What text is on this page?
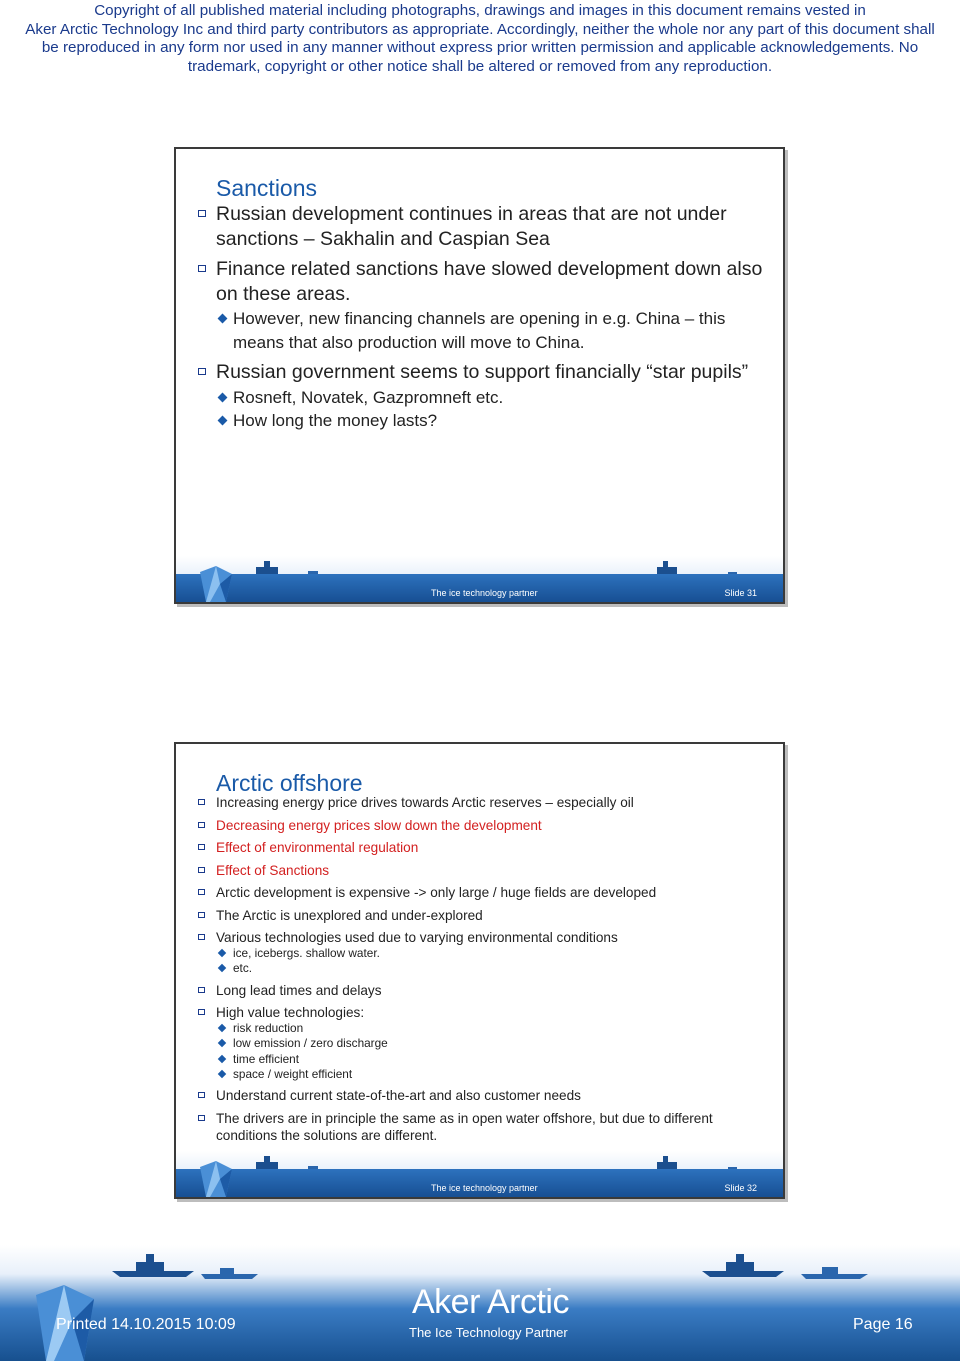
Copyright of all published material including photographs, drawings and images in this document remains vested in
Aker Arctic Technology Inc and third party contributors as appropriate. Accordingly, neither the whole nor any part of this document shall
be reproduced in any form nor used in any manner without express prior written permission and applicable acknowledgements. No
trademark, copyright or other notice shall be altered or removed from any reproduction.
Sanctions
Russian development continues in areas that are not under sanctions – Sakhalin and Caspian Sea
Finance related sanctions have slowed development down also on these areas.
However, new financing channels are opening in e.g. China – this means that also production will move to China.
Russian government seems to support financially “star pupils”
Rosneft, Novatek, Gazpromneft etc.
How long the money lasts?
The ice technology partner	Slide 31
Arctic offshore
Increasing energy price drives towards Arctic reserves – especially oil
Decreasing energy prices slow down the development
Effect of environmental regulation
Effect of Sanctions
Arctic development is expensive -> only large / huge fields are developed
The Arctic is unexplored and under-explored
Various technologies used due to varying environmental conditions
ice, icebergs. shallow water.
etc.
Long lead times and delays
High value technologies:
risk reduction
low emission / zero discharge
time efficient
space / weight efficient
Understand current state-of-the-art and also customer needs
The drivers are in principle the same as in open water offshore, but due to different conditions the solutions are different.
The ice technology partner	Slide 32
Printed 14.10.2015 10:09
Aker Arctic
The Ice Technology Partner	Page 16
